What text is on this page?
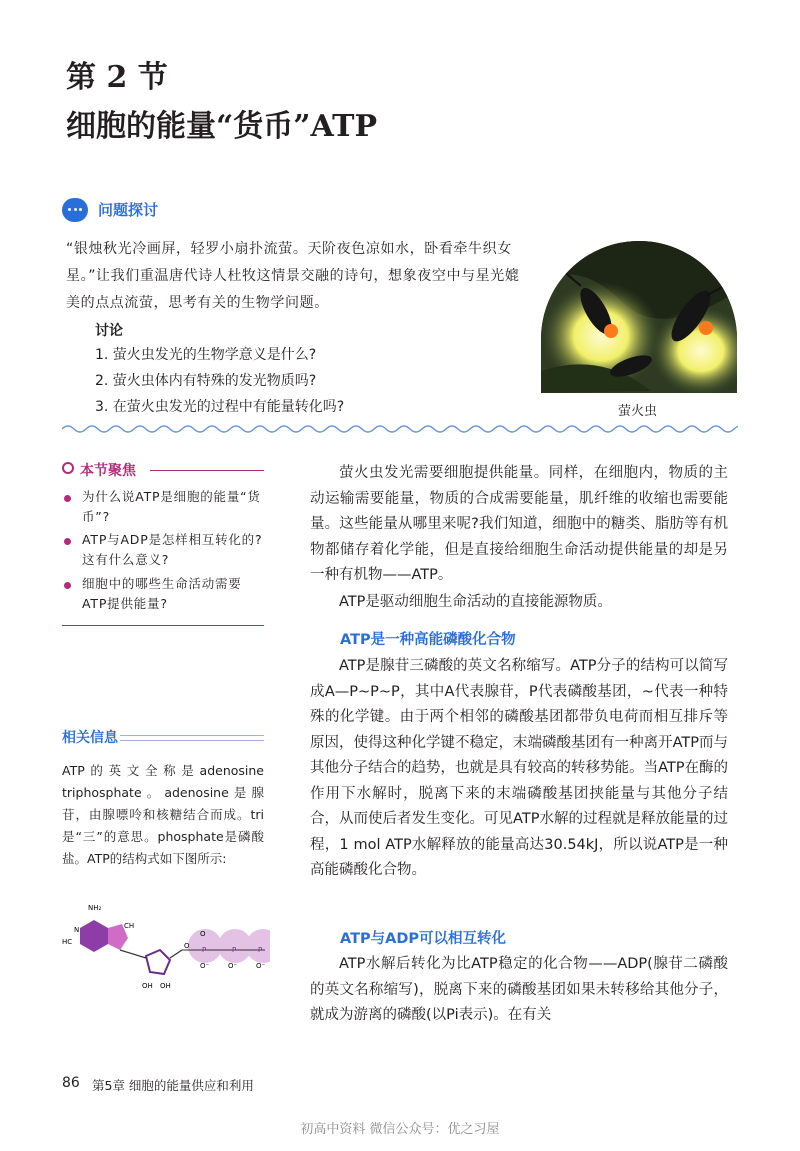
第 2 节
细胞的能量“货币”ATP
问题探讨
“银烛秋光冷画屏，轻罗小扇扑流萤。天阶夜色凉如水，卧看牵牛织女星。”让我们重温唐代诗人杜牧这情景交融的诗句，想象夜空中与星光媲美的点点流萤，思考有关的生物学问题。
讨论
1. 萤火虫发光的生物学意义是什么?
2. 萤火虫体内有特殊的发光物质吗?
3. 在萤火虫发光的过程中有能量转化吗?	萤火虫
本节聚焦
为什么说ATP是细胞的能量“货币”?
ATP与ADP是怎样相互转化的?这有什么意义?
细胞中的哪些生命活动需要ATP提供能量?
相关信息
ATP的英文全称是adenosine triphosphate。adenosine是腺苷，由腺嘌呤和核糖结合而成。tri是“三”的意思。phosphate是磷酸盐。ATP的结构式如下图所示:
NH₂
N
HC
CH
OH OH
O P	P	P
O
O⁻	O⁻	O⁻
萤火虫发光需要细胞提供能量。同样，在细胞内，物质的主动运输需要能量，物质的合成需要能量，肌纤维的收缩也需要能量。这些能量从哪里来呢?我们知道，细胞中的糖类、脂肪等有机物都储存着化学能，但是直接给细胞生命活动提供能量的却是另一种有机物——ATP。
ATP是驱动细胞生命活动的直接能源物质。
ATP是一种高能磷酸化合物
ATP是腺苷三磷酸的英文名称缩写。ATP分子的结构可以简写成A—P~P~P，其中A代表腺苷，P代表磷酸基团，~代表一种特殊的化学键。由于两个相邻的磷酸基团都带负电荷而相互排斥等原因，使得这种化学键不稳定，末端磷酸基团有一种离开ATP而与其他分子结合的趋势，也就是具有较高的转移势能。当ATP在酶的作用下水解时，脱离下来的末端磷酸基团挟能量与其他分子结合，从而使后者发生变化。可见ATP水解的过程就是释放能量的过程，1 mol ATP水解释放的能量高达30.54kJ，所以说ATP是一种高能磷酸化合物。
ATP与ADP可以相互转化
ATP水解后转化为比ATP稳定的化合物——ADP(腺苷二磷酸的英文名称缩写)，脱离下来的磷酸基团如果未转移给其他分子，就成为游离的磷酸(以Pi表示)。在有关
86 第5章 细胞的能量供应和利用
初高中资料 微信公众号：优之习屋
